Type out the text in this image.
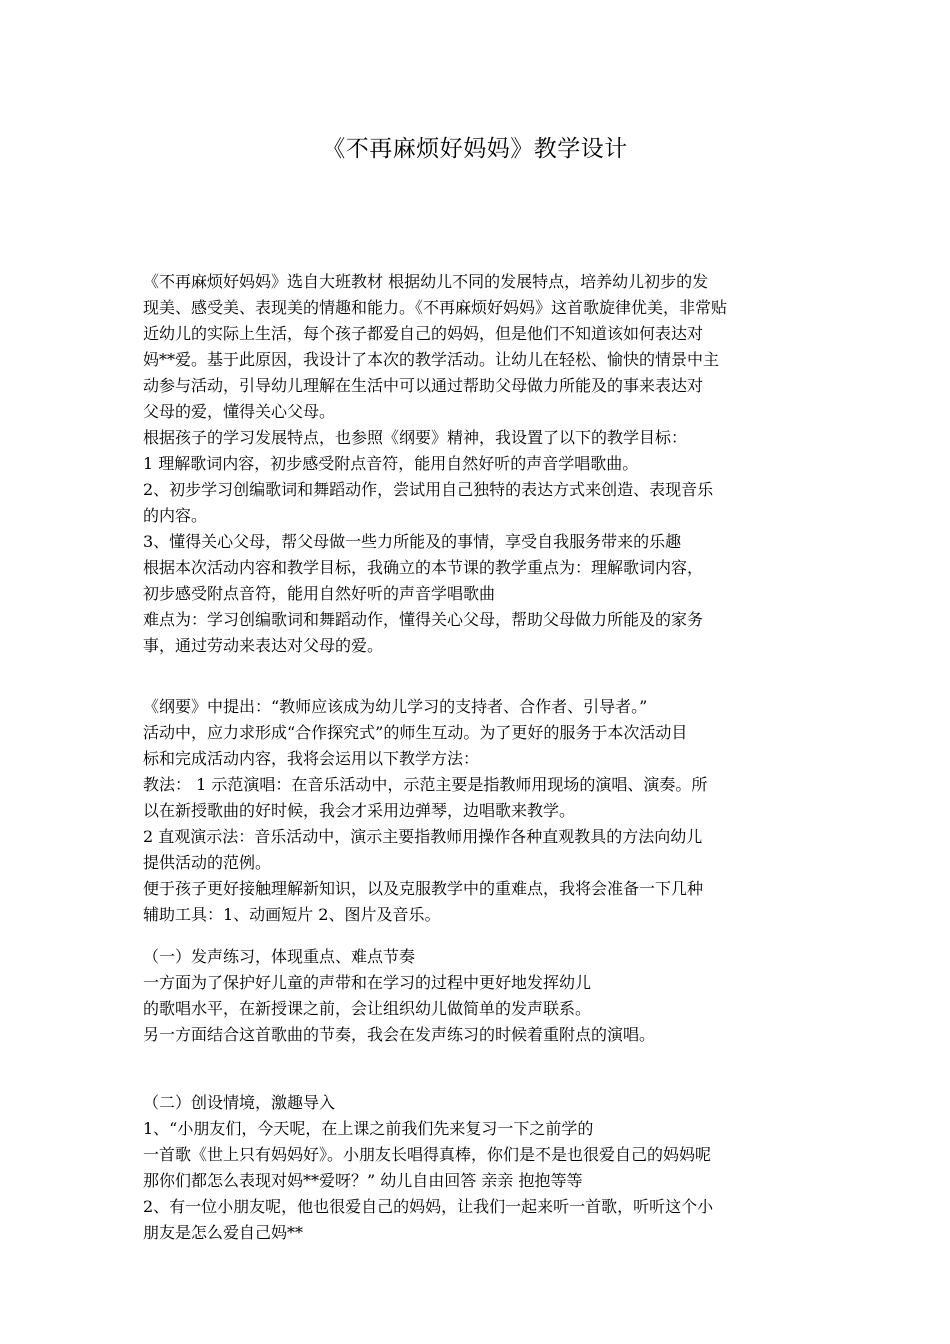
《不再麻烦好妈妈》教学设计
《不再麻烦好妈妈》选自大班教材 根据幼儿不同的发展特点，培养幼儿初步的发
现美、感受美、表现美的情趣和能力。《不再麻烦好妈妈》这首歌旋律优美，非常贴
近幼儿的实际上生活，每个孩子都爱自己的妈妈，但是他们不知道该如何表达对
妈**爱。基于此原因，我设计了本次的教学活动。让幼儿在轻松、愉快的情景中主
动参与活动，引导幼儿理解在生活中可以通过帮助父母做力所能及的事来表达对
父母的爱，懂得关心父母。
根据孩子的学习发展特点，也参照《纲要》精神，我设置了以下的教学目标：
1 理解歌词内容，初步感受附点音符，能用自然好听的声音学唱歌曲。
2、初步学习创编歌词和舞蹈动作，尝试用自己独特的表达方式来创造、表现音乐
的内容。
3、懂得关心父母，帮父母做一些力所能及的事情，享受自我服务带来的乐趣
根据本次活动内容和教学目标，我确立的本节课的教学重点为：理解歌词内容，
初步感受附点音符，能用自然好听的声音学唱歌曲
难点为：学习创编歌词和舞蹈动作，懂得关心父母，帮助父母做力所能及的家务
事，通过劳动来表达对父母的爱。
《纲要》中提出：“教师应该成为幼儿学习的支持者、合作者、引导者。”
活动中，应力求形成“合作探究式”的师生互动。为了更好的服务于本次活动目
标和完成活动内容，我将会运用以下教学方法：
教法： 1 示范演唱：在音乐活动中，示范主要是指教师用现场的演唱、演奏。所
以在新授歌曲的好时候，我会才采用边弹琴，边唱歌来教学。
2 直观演示法：音乐活动中，演示主要指教师用操作各种直观教具的方法向幼儿
提供活动的范例。
便于孩子更好接触理解新知识，以及克服教学中的重难点，我将会准备一下几种
辅助工具：1、动画短片 2、图片及音乐。
（一）发声练习，体现重点、难点节奏
一方面为了保护好儿童的声带和在学习的过程中更好地发挥幼儿
的歌唱水平，在新授课之前，会让组织幼儿做简单的发声联系。
另一方面结合这首歌曲的节奏，我会在发声练习的时候着重附点的演唱。
（二）创设情境，激趣导入
1、“小朋友们，今天呢，在上课之前我们先来复习一下之前学的
一首歌《世上只有妈妈好》。小朋友长唱得真棒，你们是不是也很爱自己的妈妈呢
那你们都怎么表现对妈**爱呀？” 幼儿自由回答 亲亲 抱抱等等
2、有一位小朋友呢，他也很爱自己的妈妈，让我们一起来听一首歌，听听这个小
朋友是怎么爱自己妈**
